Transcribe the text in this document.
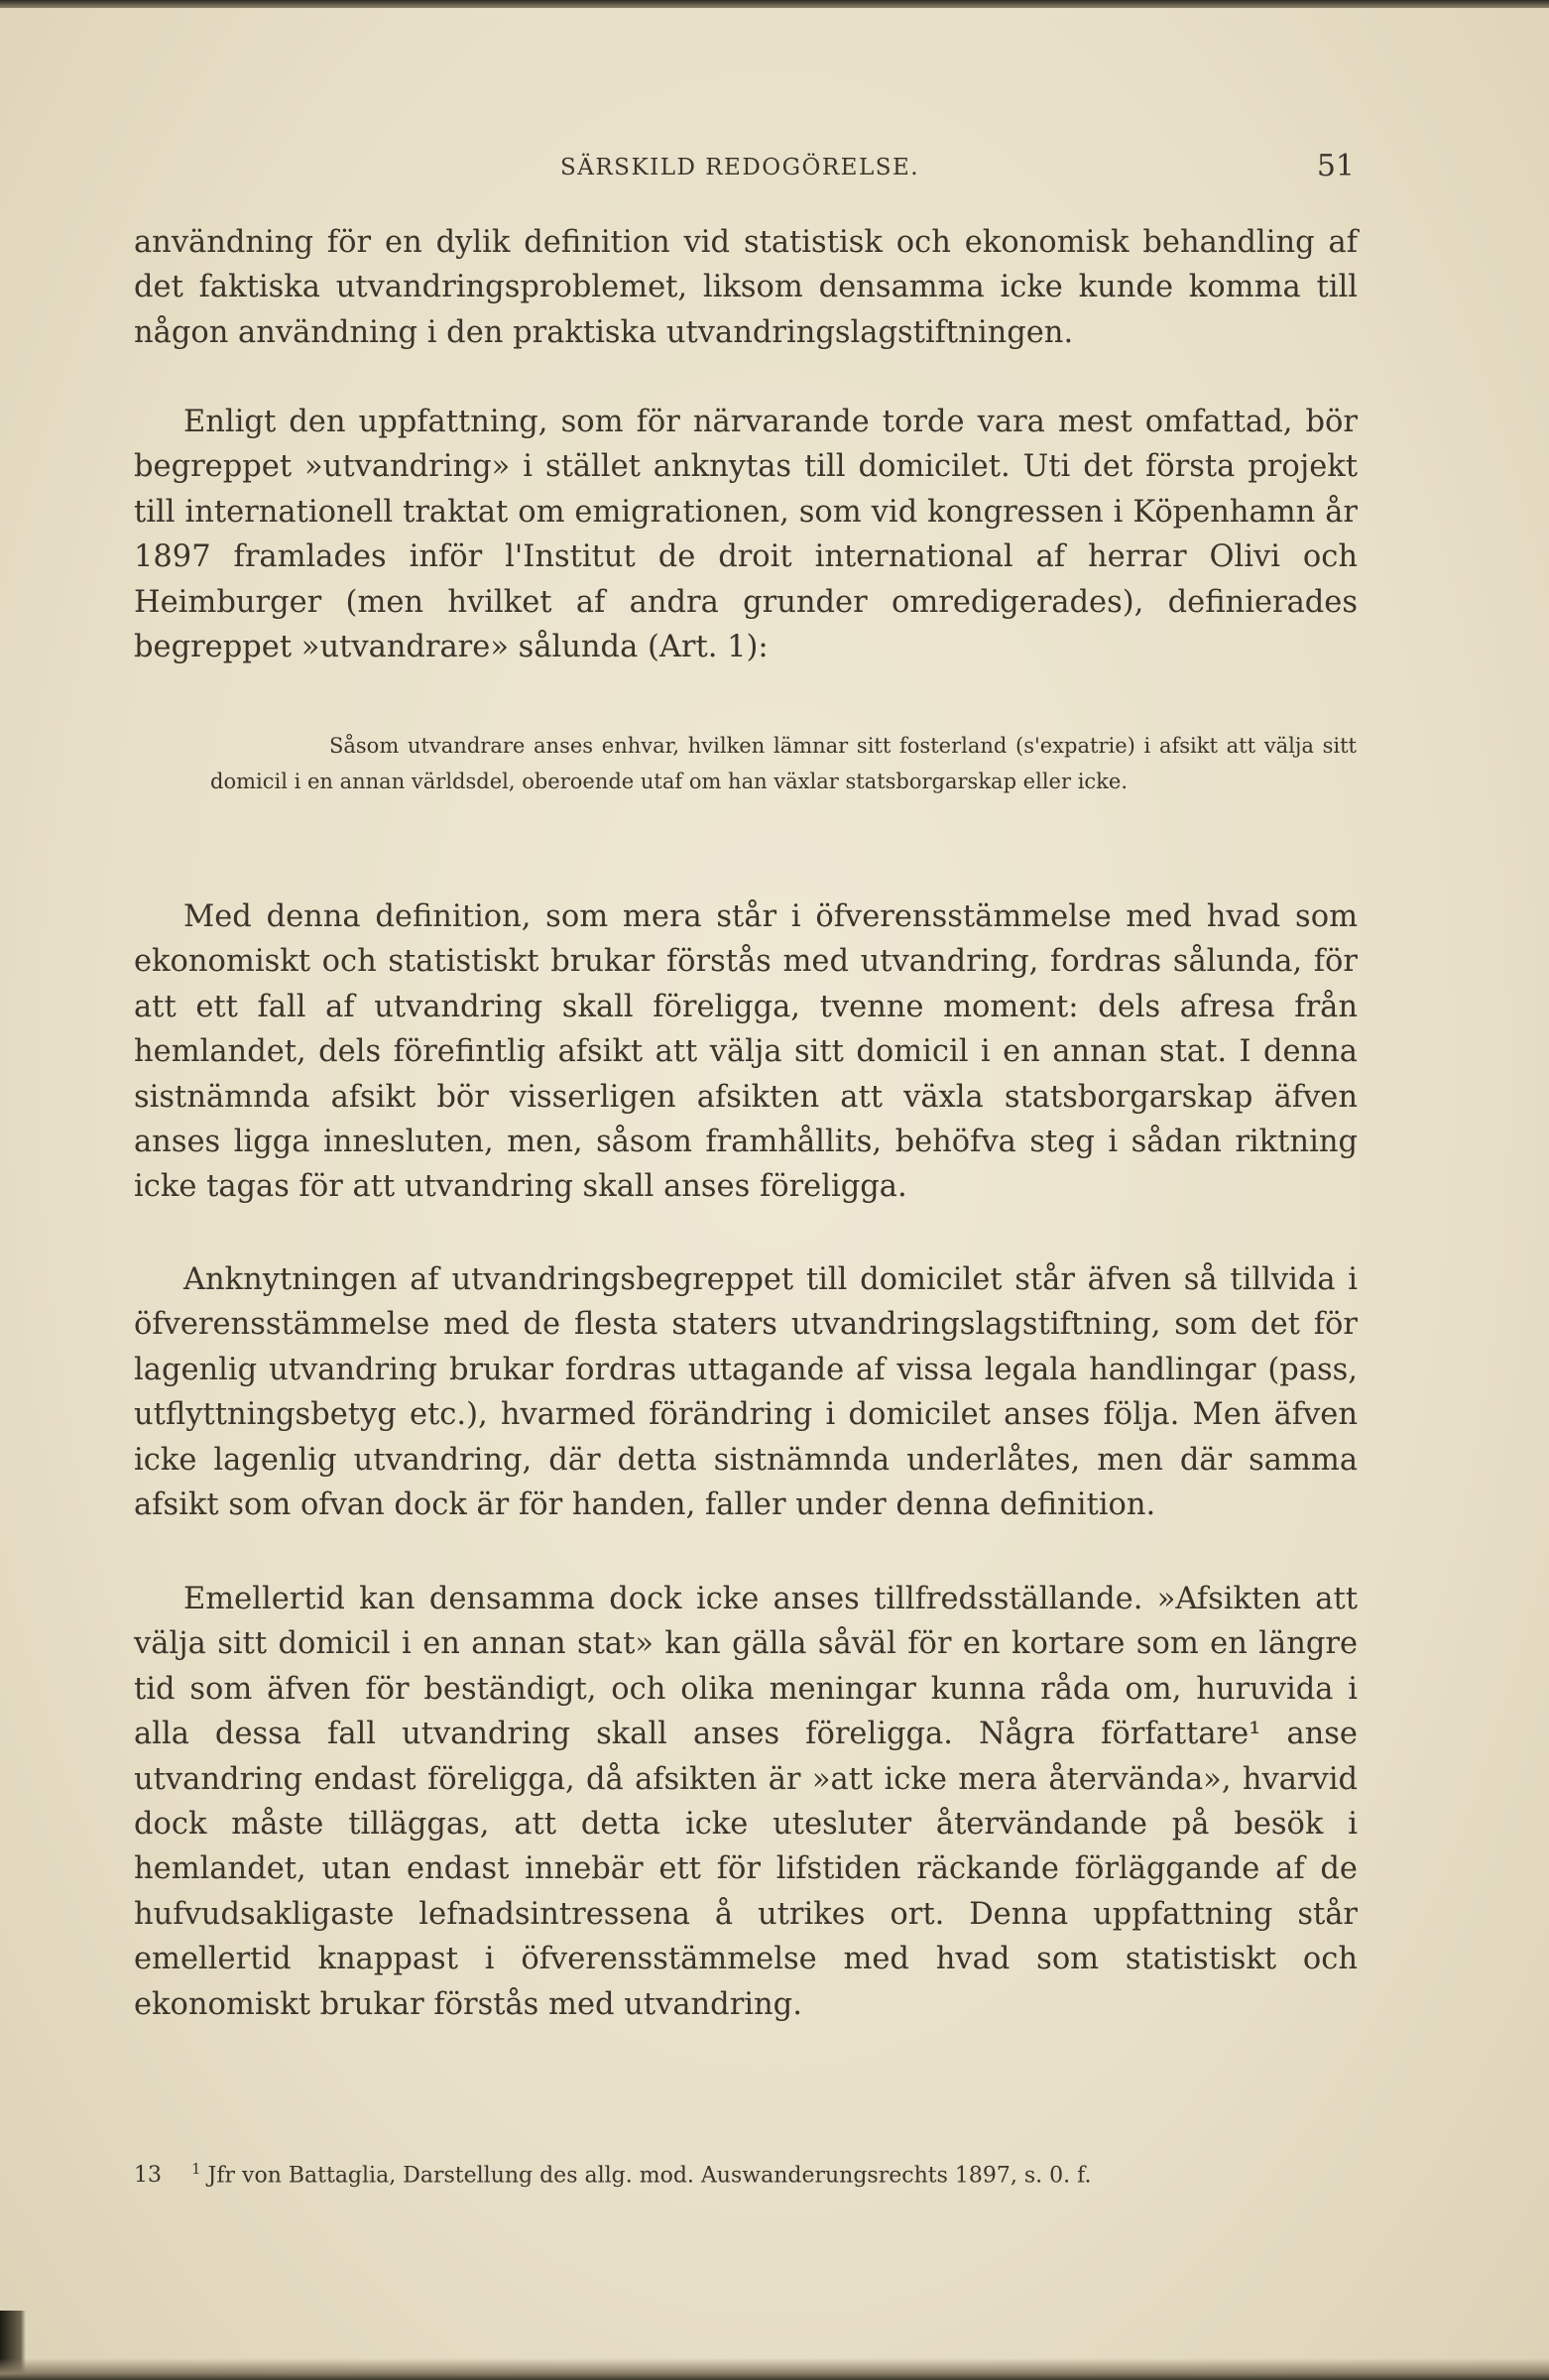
SÄRSKILD REDOGÖRELSE.	51

användning för en dylik definition vid statistisk och ekonomisk behandling af det faktiska utvandringsproblemet, liksom densamma icke kunde komma till någon användning i den praktiska utvandringslagstiftningen.

Enligt den uppfattning, som för närvarande torde vara mest omfattad, bör begreppet »utvandring» i stället anknytas till domicilet. Uti det första projekt till internationell traktat om emigrationen, som vid kongressen i Köpenhamn år 1897 framlades inför l'Institut de droit international af herrar Olivi och Heimburger (men hvilket af andra grunder omredigerades), definierades begreppet »utvandrare» sålunda (Art. 1):

Såsom utvandrare anses enhvar, hvilken lämnar sitt fosterland (s'expatrie) i afsikt att välja sitt domicil i en annan världsdel, oberoende utaf om han växlar statsborgarskap eller icke.

Med denna definition, som mera står i öfverensstämmelse med hvad som ekonomiskt och statistiskt brukar förstås med utvandring, fordras sålunda, för att ett fall af utvandring skall föreligga, tvenne moment: dels afresa från hemlandet, dels förefintlig afsikt att välja sitt domicil i en annan stat. I denna sistnämnda afsikt bör visserligen afsikten att växla statsborgarskap äfven anses ligga innesluten, men, såsom framhållits, behöfva steg i sådan riktning icke tagas för att utvandring skall anses föreligga.

Anknytningen af utvandringsbegreppet till domicilet står äfven så tillvida i öfverensstämmelse med de flesta staters utvandringslagstiftning, som det för lagenlig utvandring brukar fordras uttagande af vissa legala handlingar (pass, utflyttningsbetyg etc.), hvarmed förändring i domicilet anses följa. Men äfven icke lagenlig utvandring, där detta sistnämnda underlåtes, men där samma afsikt som ofvan dock är för handen, faller under denna definition.

Emellertid kan densamma dock icke anses tillfredsställande. »Afsikten att välja sitt domicil i en annan stat» kan gälla såväl för en kortare som en längre tid som äfven för beständigt, och olika meningar kunna råda om, huruvida i alla dessa fall utvandring skall anses föreligga. Några författare¹ anse utvandring endast föreligga, då afsikten är »att icke mera återvända», hvarvid dock måste tilläggas, att detta icke utesluter återvändande på besök i hemlandet, utan endast innebär ett för lifstiden räckande förläggande af de hufvudsakligaste lefnadsintressena å utrikes ort. Denna uppfattning står emellertid knappast i öfverensstämmelse med hvad som statistiskt och ekonomiskt brukar förstås med utvandring.

13 $^1$ Jfr von Battaglia, Darstellung des allg. mod. Auswanderungsrechts 1897, s. 0. f.
